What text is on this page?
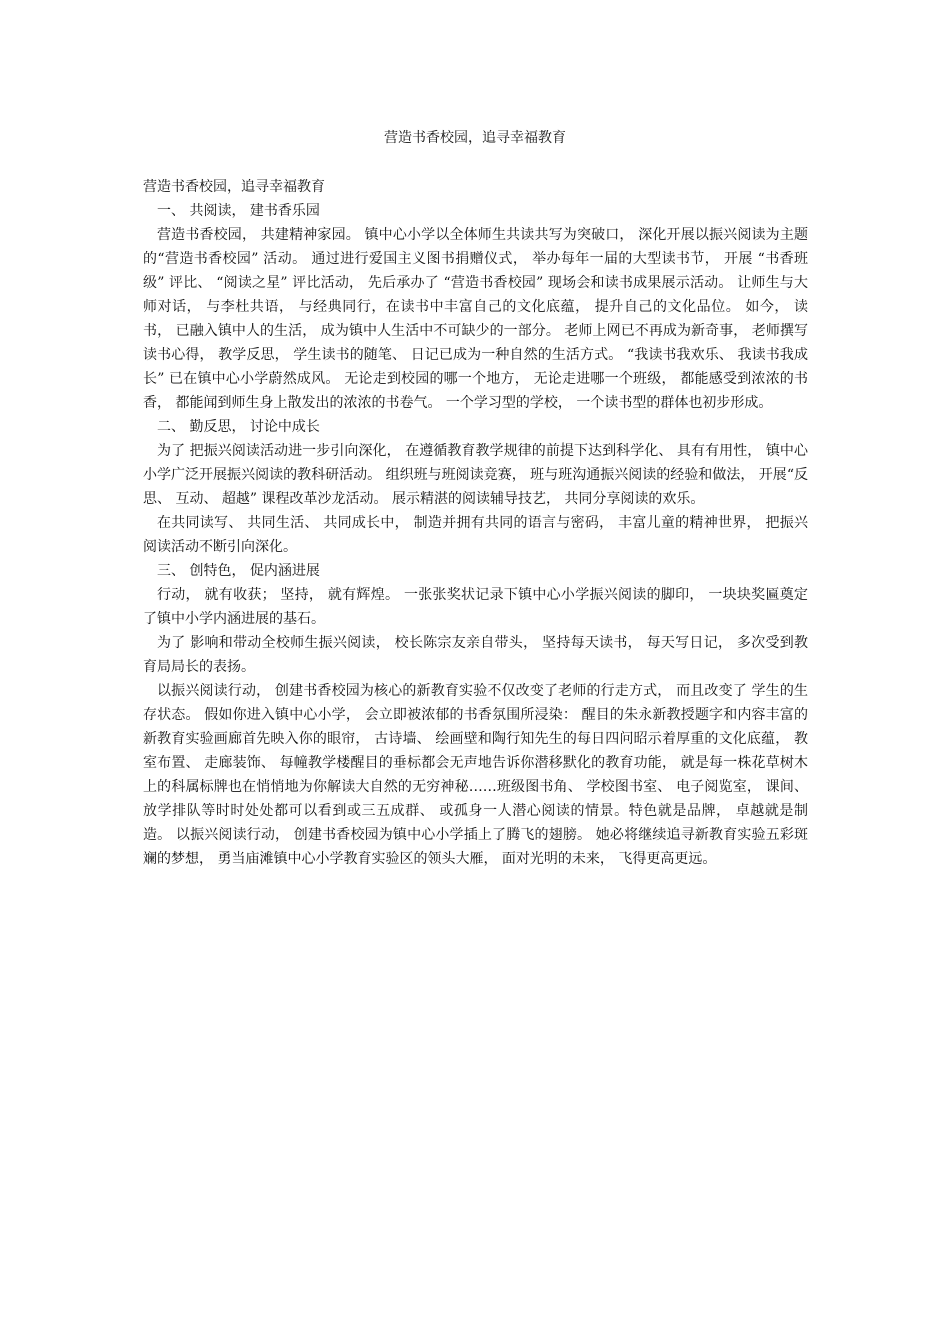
营造书香校园，追寻幸福教育

营造书香校园，追寻幸福教育

一、 共阅读， 建书香乐园

营造书香校园， 共建精神家园。 镇中心小学以全体师生共读共写为突破口， 深化开展以振兴阅读为主题的“营造书香校园” 活动。 通过进行爱国主义图书捐赠仪式， 举办每年一届的大型读书节， 开展 “书香班级” 评比、 “阅读之星” 评比活动， 先后承办了 “营造书香校园” 现场会和读书成果展示活动。 让师生与大师对话， 与李杜共语， 与经典同行，在读书中丰富自己的文化底蕴， 提升自己的文化品位。 如今， 读书， 已融入镇中人的生活， 成为镇中人生活中不可缺少的一部分。 老师上网已不再成为新奇事， 老师撰写读书心得， 教学反思， 学生读书的随笔、 日记已成为一种自然的生活方式。 “我读书我欢乐、 我读书我成长” 已在镇中心小学蔚然成风。 无论走到校园的哪一个地方， 无论走进哪一个班级， 都能感受到浓浓的书香， 都能闻到师生身上散发出的浓浓的书卷气。 一个学习型的学校， 一个读书型的群体也初步形成。

二、 勤反思， 讨论中成长

为了 把振兴阅读活动进一步引向深化， 在遵循教育教学规律的前提下达到科学化、 具有有用性， 镇中心小学广泛开展振兴阅读的教科研活动。 组织班与班阅读竞赛， 班与班沟通振兴阅读的经验和做法， 开展“反思、 互动、 超越” 课程改革沙龙活动。 展示精湛的阅读辅导技艺， 共同分享阅读的欢乐。

在共同读写、 共同生活、 共同成长中， 制造并拥有共同的语言与密码， 丰富儿童的精神世界， 把振兴阅读活动不断引向深化。

三、 创特色， 促内涵进展

行动， 就有收获； 坚持， 就有辉煌。 一张张奖状记录下镇中心小学振兴阅读的脚印， 一块块奖匾奠定了镇中小学内涵进展的基石。

为了 影响和带动全校师生振兴阅读， 校长陈宗友亲自带头， 坚持每天读书， 每天写日记， 多次受到教育局局长的表扬。

以振兴阅读行动， 创建书香校园为核心的新教育实验不仅改变了老师的行走方式， 而且改变了 学生的生存状态。 假如你进入镇中心小学， 会立即被浓郁的书香氛围所浸染： 醒目的朱永新教授题字和内容丰富的新教育实验画廊首先映入你的眼帘， 古诗墙、 绘画壁和陶行知先生的每日四问昭示着厚重的文化底蕴， 教室布置、 走廊装饰、 每幢教学楼醒目的垂标都会无声地告诉你潜移默化的教育功能， 就是每一株花草树木上的科属标牌也在悄悄地为你解读大自然的无穷神秘……班级图书角、 学校图书室、 电子阅览室， 课间、 放学排队等时时处处都可以看到或三五成群、 或孤身一人潜心阅读的情景。特色就是品牌， 卓越就是制造。 以振兴阅读行动， 创建书香校园为镇中心小学插上了腾飞的翅膀。 她必将继续追寻新教育实验五彩斑斓的梦想， 勇当庙滩镇中心小学教育实验区的领头大雁， 面对光明的未来， 飞得更高更远。
